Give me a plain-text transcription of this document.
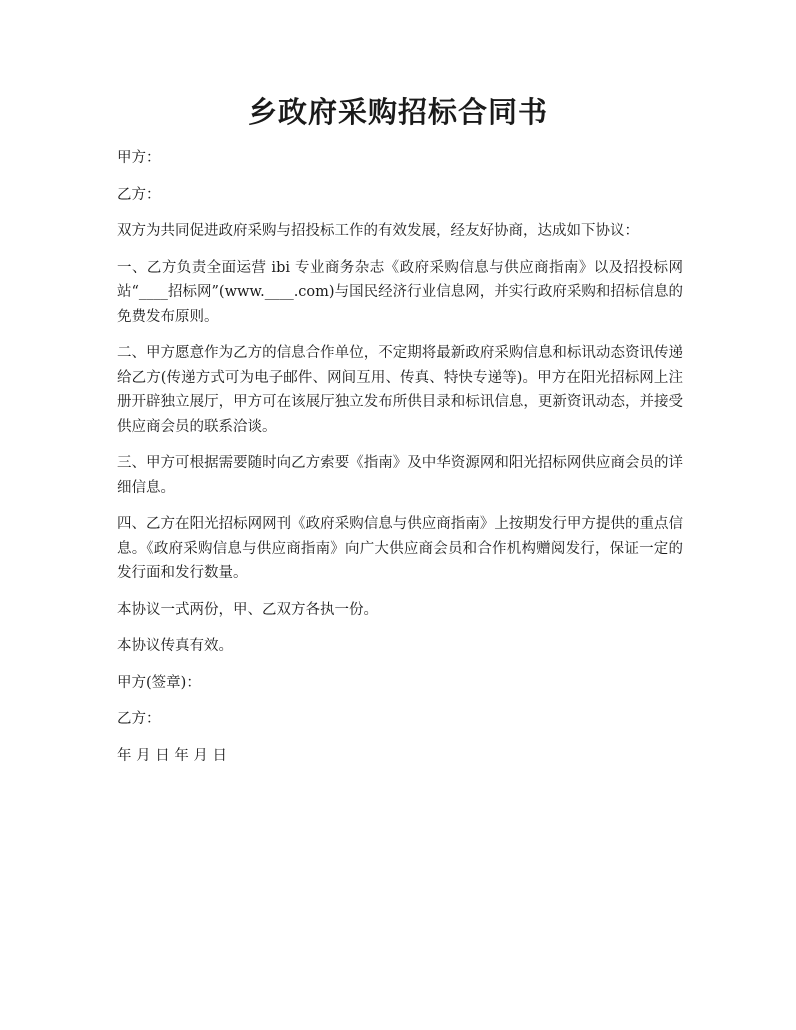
乡政府采购招标合同书

甲方：

乙方：

双方为共同促进政府采购与招投标工作的有效发展，经友好协商，达成如下协议：

一、乙方负责全面运营 ibi 专业商务杂志《政府采购信息与供应商指南》以及招投标网站“____招标网”(www.____.com)与国民经济行业信息网，并实行政府采购和招标信息的免费发布原则。

二、甲方愿意作为乙方的信息合作单位，不定期将最新政府采购信息和标讯动态资讯传递给乙方(传递方式可为电子邮件、网间互用、传真、特快专递等)。甲方在阳光招标网上注册开辟独立展厅，甲方可在该展厅独立发布所供目录和标讯信息，更新资讯动态，并接受供应商会员的联系洽谈。

三、甲方可根据需要随时向乙方索要《指南》及中华资源网和阳光招标网供应商会员的详细信息。

四、乙方在阳光招标网网刊《政府采购信息与供应商指南》上按期发行甲方提供的重点信息。《政府采购信息与供应商指南》向广大供应商会员和合作机构赠阅发行，保证一定的发行面和发行数量。

本协议一式两份，甲、乙双方各执一份。

本协议传真有效。

甲方(签章)：

乙方：

年 月 日 年 月 日
